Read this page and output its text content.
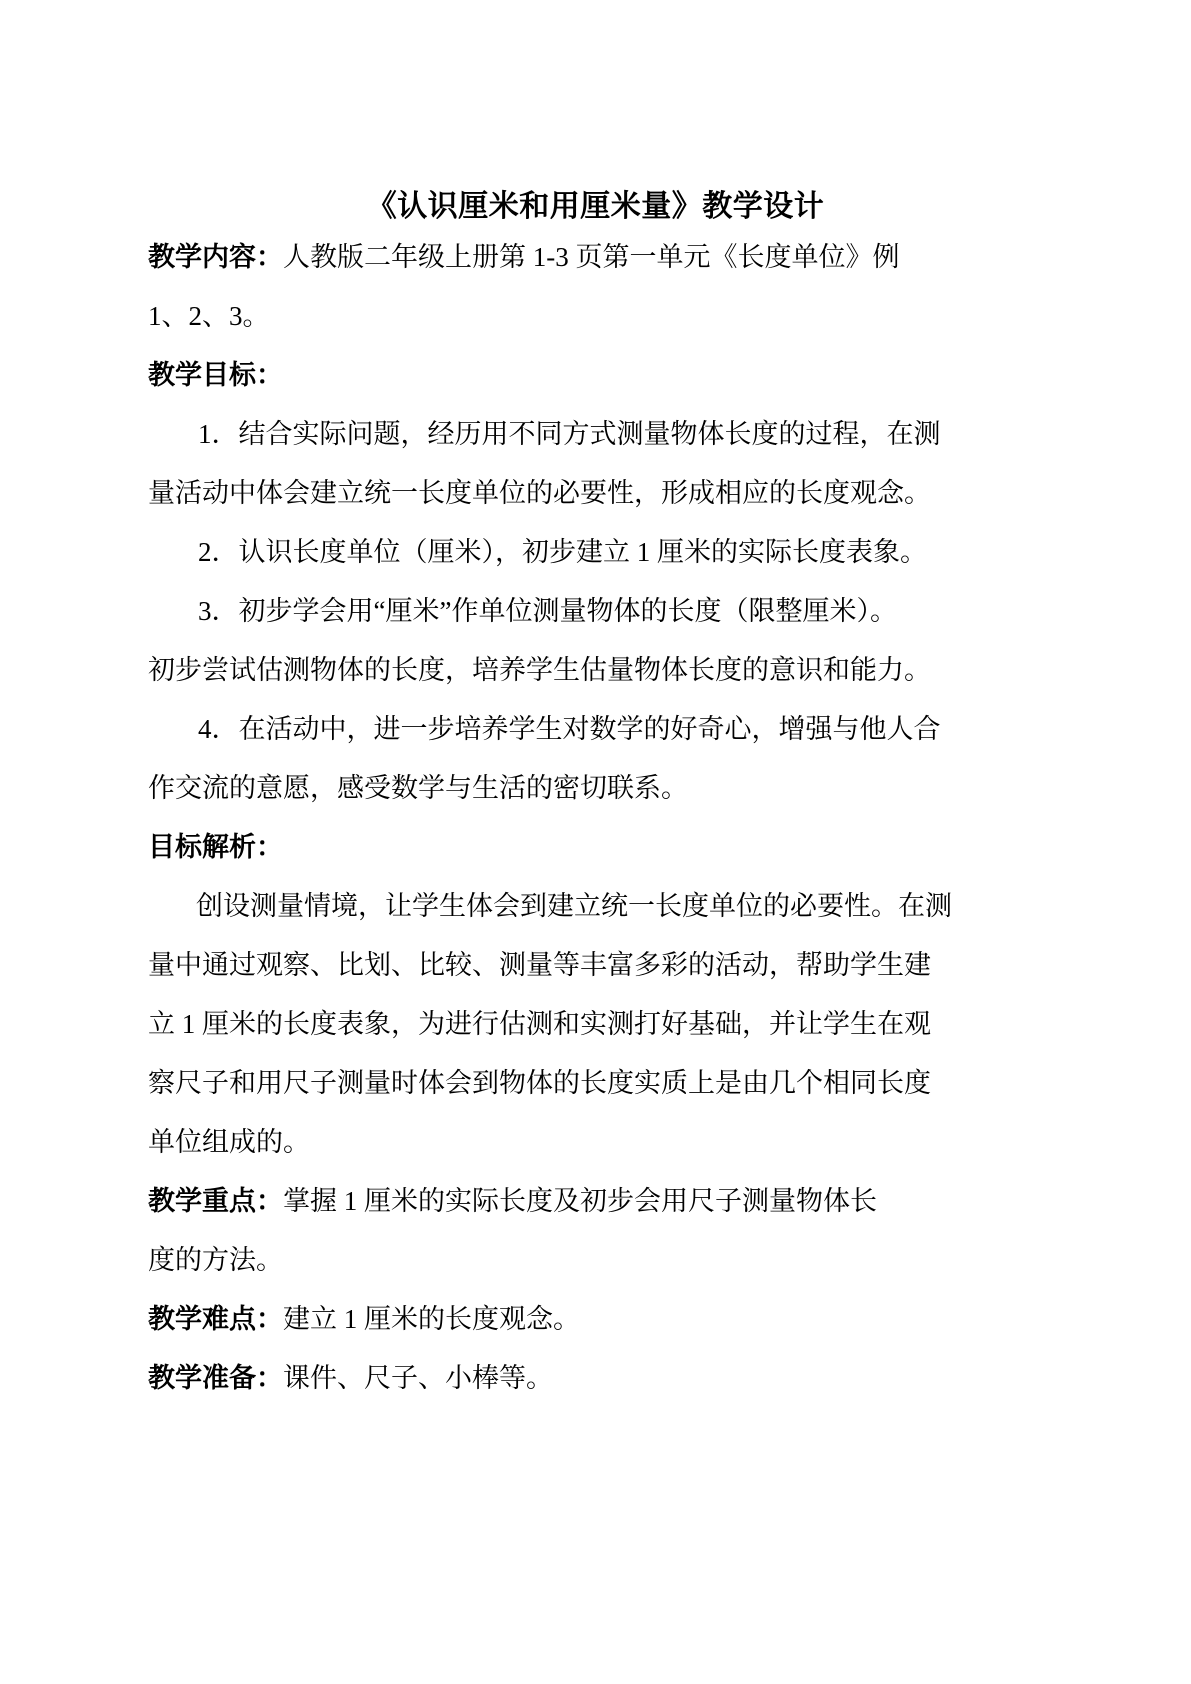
《认识厘米和用厘米量》教学设计
教学内容：人教版二年级上册第 1-3 页第一单元《长度单位》例
1、2、3。
教学目标：
1．结合实际问题，经历用不同方式测量物体长度的过程，在测
量活动中体会建立统一长度单位的必要性，形成相应的长度观念。
2．认识长度单位（厘米），初步建立 1 厘米的实际长度表象。
3．初步学会用“厘米”作单位测量物体的长度（限整厘米）。
初步尝试估测物体的长度，培养学生估量物体长度的意识和能力。
4．在活动中，进一步培养学生对数学的好奇心，增强与他人合
作交流的意愿，感受数学与生活的密切联系。
目标解析：
创设测量情境，让学生体会到建立统一长度单位的必要性。在测
量中通过观察、比划、比较、测量等丰富多彩的活动，帮助学生建
立 1 厘米的长度表象，为进行估测和实测打好基础，并让学生在观
察尺子和用尺子测量时体会到物体的长度实质上是由几个相同长度
单位组成的。
教学重点：掌握 1 厘米的实际长度及初步会用尺子测量物体长
度的方法。
教学难点：建立 1 厘米的长度观念。
教学准备：课件、尺子、小棒等。
